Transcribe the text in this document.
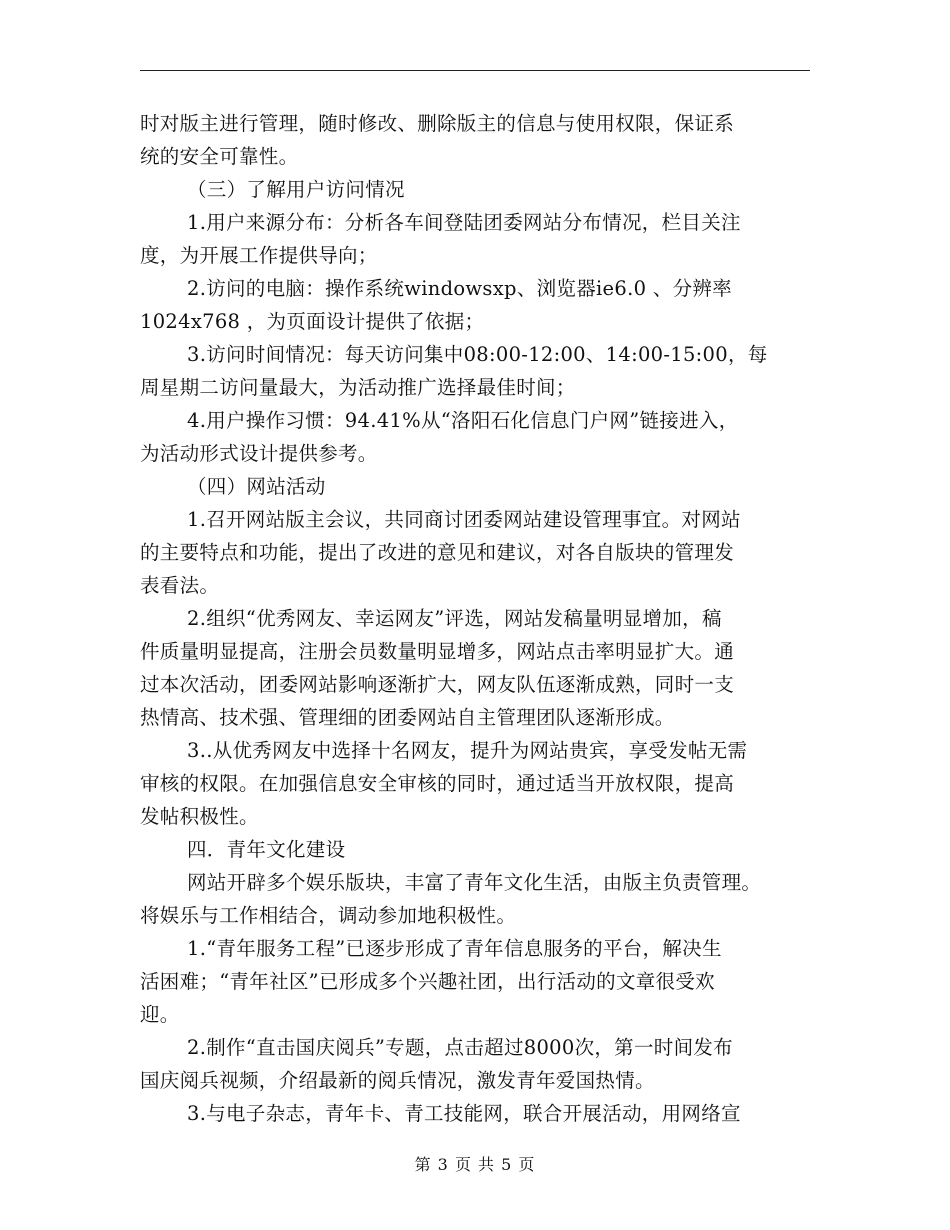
时对版主进行管理，随时修改、删除版主的信息与使用权限，保证系
统的安全可靠性。
（三）了解用户访问情况
1.用户来源分布：分析各车间登陆团委网站分布情况，栏目关注
度，为开展工作提供导向；
2.访问的电脑：操作系统windowsxp、浏览器ie6.0 、分辨率
1024x768 ，为页面设计提供了依据；
3.访问时间情况：每天访问集中08:00-12:00、14:00-15:00，每
周星期二访问量最大，为活动推广选择最佳时间；
4.用户操作习惯：94.41%从“洛阳石化信息门户网”链接进入，
为活动形式设计提供参考。
（四）网站活动
1.召开网站版主会议，共同商讨团委网站建设管理事宜。对网站
的主要特点和功能，提出了改进的意见和建议，对各自版块的管理发
表看法。
2.组织“优秀网友、幸运网友”评选，网站发稿量明显增加，稿
件质量明显提高，注册会员数量明显增多，网站点击率明显扩大。通
过本次活动，团委网站影响逐渐扩大，网友队伍逐渐成熟，同时一支
热情高、技术强、管理细的团委网站自主管理团队逐渐形成。
3..从优秀网友中选择十名网友，提升为网站贵宾，享受发帖无需
审核的权限。在加强信息安全审核的同时，通过适当开放权限，提高
发帖积极性。
四．青年文化建设
网站开辟多个娱乐版块，丰富了青年文化生活，由版主负责管理。
将娱乐与工作相结合，调动参加地积极性。
1.“青年服务工程”已逐步形成了青年信息服务的平台，解决生
活困难；“青年社区”已形成多个兴趣社团，出行活动的文章很受欢
迎。
2.制作“直击国庆阅兵”专题，点击超过8000次，第一时间发布
国庆阅兵视频，介绍最新的阅兵情况，激发青年爱国热情。
3.与电子杂志，青年卡、青工技能网，联合开展活动，用网络宣
第 3 页 共 5 页
